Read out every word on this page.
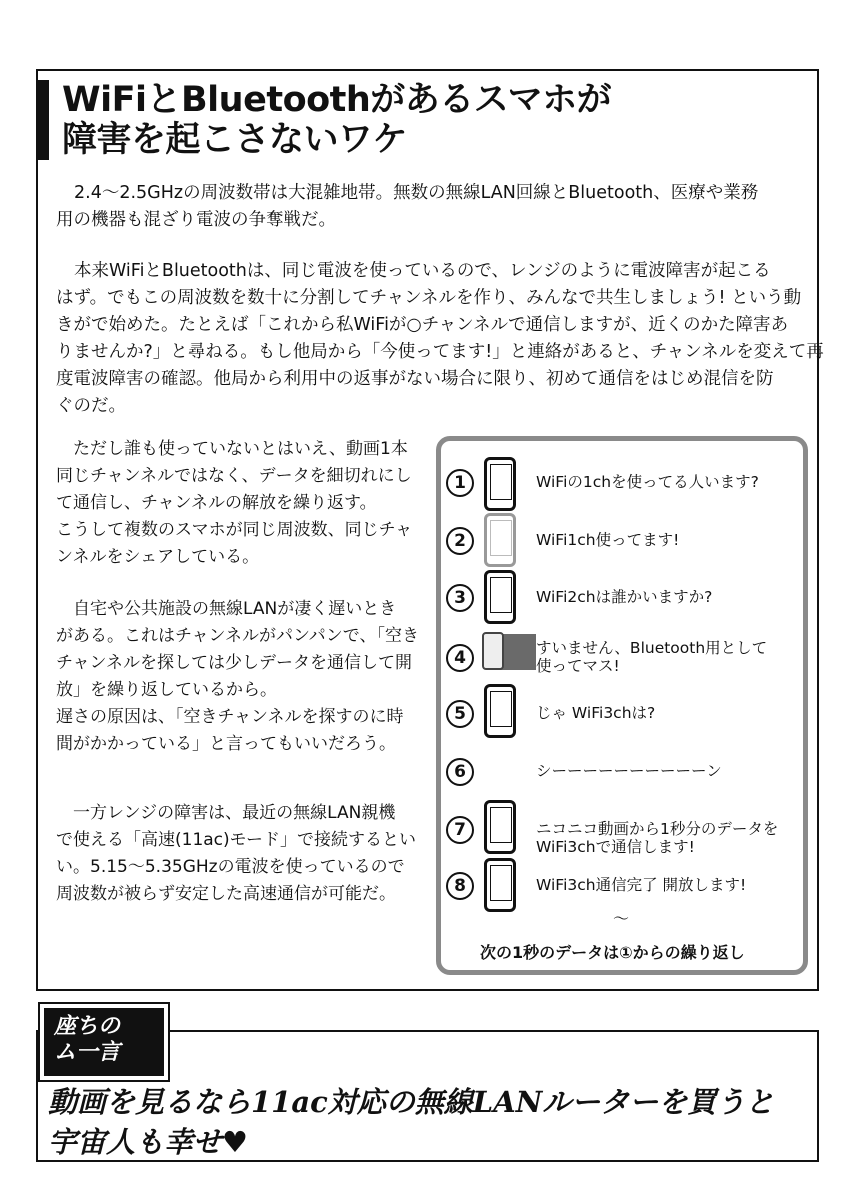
WiFiとBluetoothがあるスマホが
障害を起こさないワケ

2.4〜2.5GHzの周波数帯は大混雑地帯。無数の無線LAN回線とBluetooth、医療や業務
用の機器も混ざり電波の争奪戦だ。

本来WiFiとBluetoothは、同じ電波を使っているので、レンジのように電波障害が起こる
はず。でもこの周波数を数十に分割してチャンネルを作り、みんなで共生しましょう! という動
きがで始めた。たとえば「これから私WiFiが○チャンネルで通信しますが、近くのかた障害あ
りませんか?」と尋ねる。もし他局から「今使ってます!」と連絡があると、チャンネルを変えて再
度電波障害の確認。他局から利用中の返事がない場合に限り、初めて通信をはじめ混信を防
ぐのだ。

ただし誰も使っていないとはいえ、動画1本
同じチャンネルではなく、データを細切れにし
て通信し、チャンネルの解放を繰り返す。
こうして複数のスマホが同じ周波数、同じチャ
ンネルをシェアしている。

自宅や公共施設の無線LANが凄く遅いとき
がある。これはチャンネルがパンパンで、「空き
チャンネルを探しては少しデータを通信して開
放」を繰り返しているから。
遅さの原因は、「空きチャンネルを探すのに時
間がかかっている」と言ってもいいだろう。

一方レンジの障害は、最近の無線LAN親機
で使える「高速(11ac)モード」で接続するとい
い。5.15〜5.35GHzの電波を使っているので
周波数が被らず安定した高速通信が可能だ。

1	WiFiの1chを使ってる人います?
2	WiFi1ch使ってます!
3	WiFi2chは誰かいますか?
4	すいません、Bluetooth用として
使ってマス!
5	じゃ WiFi3chは?
6	シーーーーーーーーーーン
7	ニコニコ動画から1秒分のデータを
WiFi3chで通信します!
8	WiFi3ch通信完了 開放します!
〜
次の1秒のデータは①からの繰り返し
座ちの
ム一言

動画を見るなら11ac対応の無線LANルーターを買うと
宇宙人も幸せ♥
